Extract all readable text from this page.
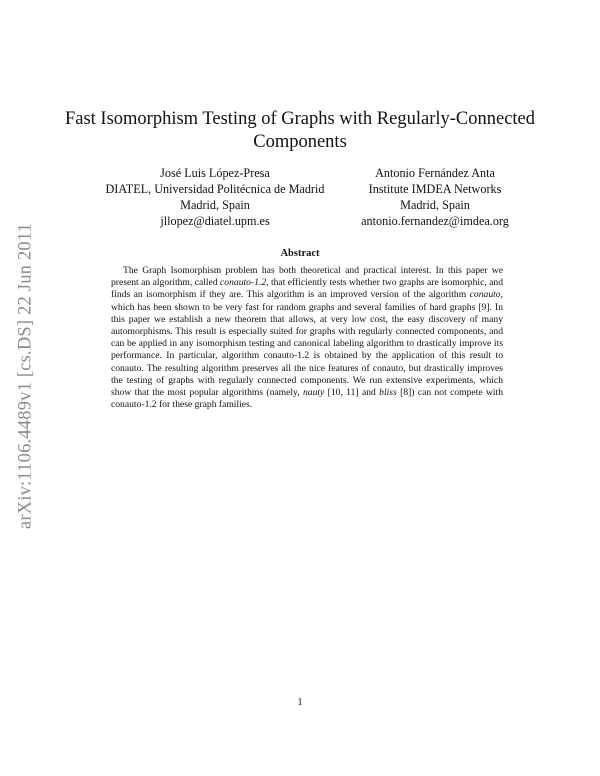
arXiv:1106.4489v1 [cs.DS] 22 Jun 2011
Fast Isomorphism Testing of Graphs with Regularly-Connected Components
José Luis López-Presa
DIATEL, Universidad Politécnica de Madrid
Madrid, Spain
jllopez@diatel.upm.es
Antonio Fernández Anta
Institute IMDEA Networks
Madrid, Spain
antonio.fernandez@imdea.org
Abstract

The Graph Isomorphism problem has both theoretical and practical interest. In this paper we present an algorithm, called conauto-1.2, that efficiently tests whether two graphs are isomorphic, and finds an isomorphism if they are. This algorithm is an improved version of the algorithm conauto, which has been shown to be very fast for random graphs and several families of hard graphs [9]. In this paper we establish a new theorem that allows, at very low cost, the easy discovery of many automorphisms. This result is especially suited for graphs with regularly connected components, and can be applied in any isomorphism testing and canonical labeling algorithm to drastically improve its performance. In particular, algorithm conauto-1.2 is obtained by the application of this result to conauto. The resulting algorithm preserves all the nice features of conauto, but drastically improves the testing of graphs with regularly connected components. We run extensive experiments, which show that the most popular algorithms (namely, nauty [10, 11] and bliss [8]) can not compete with conauto-1.2 for these graph families.

1
